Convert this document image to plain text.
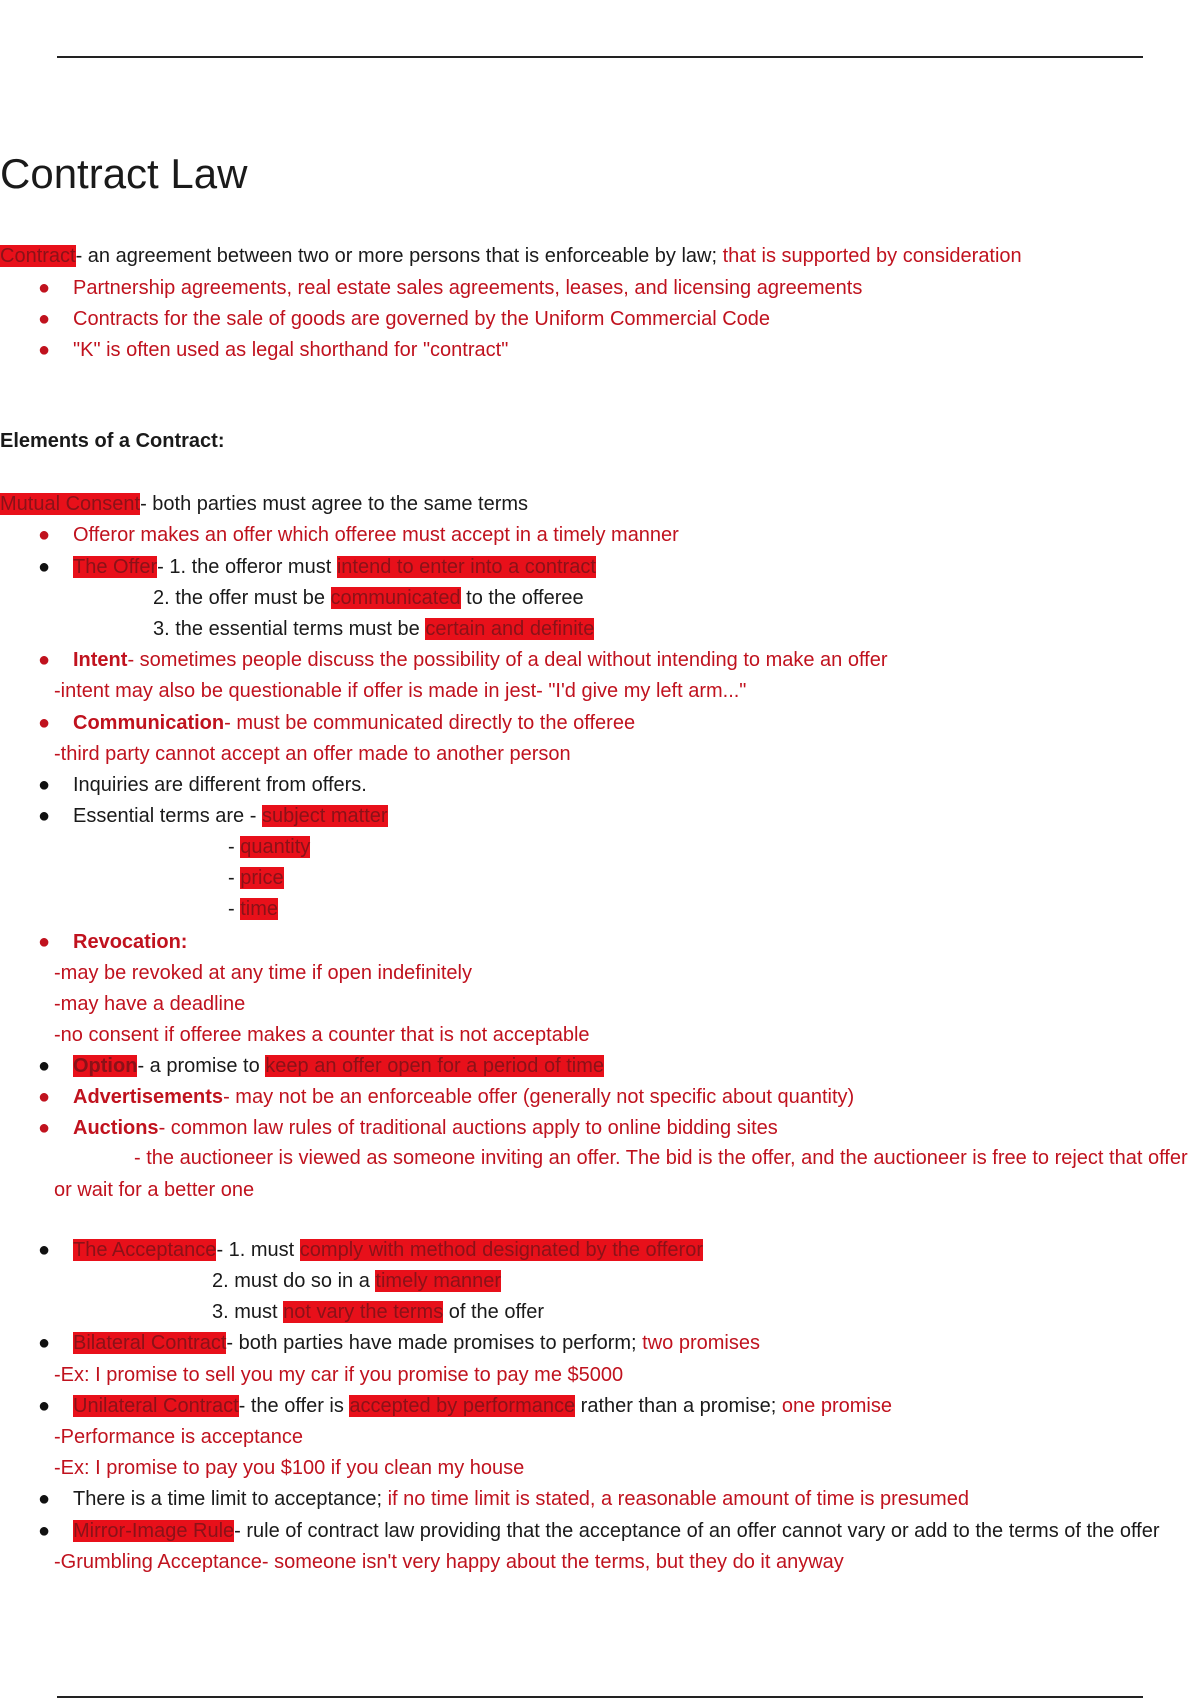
Contract Law
Contract- an agreement between two or more persons that is enforceable by law; that is supported by consideration
● Partnership agreements, real estate sales agreements, leases, and licensing agreements
● Contracts for the sale of goods are governed by the Uniform Commercial Code
● "K" is often used as legal shorthand for "contract"
Elements of a Contract:
Mutual Consent- both parties must agree to the same terms
● Offeror makes an offer which offeree must accept in a timely manner
● The Offer- 1. the offeror must intend to enter into a contract
2. the offer must be communicated to the offeree
3. the essential terms must be certain and definite
● Intent- sometimes people discuss the possibility of a deal without intending to make an offer
-intent may also be questionable if offer is made in jest- "I'd give my left arm..."
● Communication- must be communicated directly to the offeree
-third party cannot accept an offer made to another person
● Inquiries are different from offers.
● Essential terms are - subject matter
- quantity
- price
- time
● Revocation:
-may be revoked at any time if open indefinitely
-may have a deadline
-no consent if offeree makes a counter that is not acceptable
● Option- a promise to keep an offer open for a period of time
● Advertisements- may not be an enforceable offer (generally not specific about quantity)
● Auctions- common law rules of traditional auctions apply to online bidding sites
- the auctioneer is viewed as someone inviting an offer. The bid is the offer, and the auctioneer is free to reject that offer
or wait for a better one
● The Acceptance- 1. must comply with method designated by the offeror
2. must do so in a timely manner
3. must not vary the terms of the offer
● Bilateral Contract- both parties have made promises to perform; two promises
-Ex: I promise to sell you my car if you promise to pay me $5000
● Unilateral Contract- the offer is accepted by performance rather than a promise; one promise
-Performance is acceptance
-Ex: I promise to pay you $100 if you clean my house
● There is a time limit to acceptance; if no time limit is stated, a reasonable amount of time is presumed
● Mirror-Image Rule- rule of contract law providing that the acceptance of an offer cannot vary or add to the terms of the offer
-Grumbling Acceptance- someone isn't very happy about the terms, but they do it anyway
